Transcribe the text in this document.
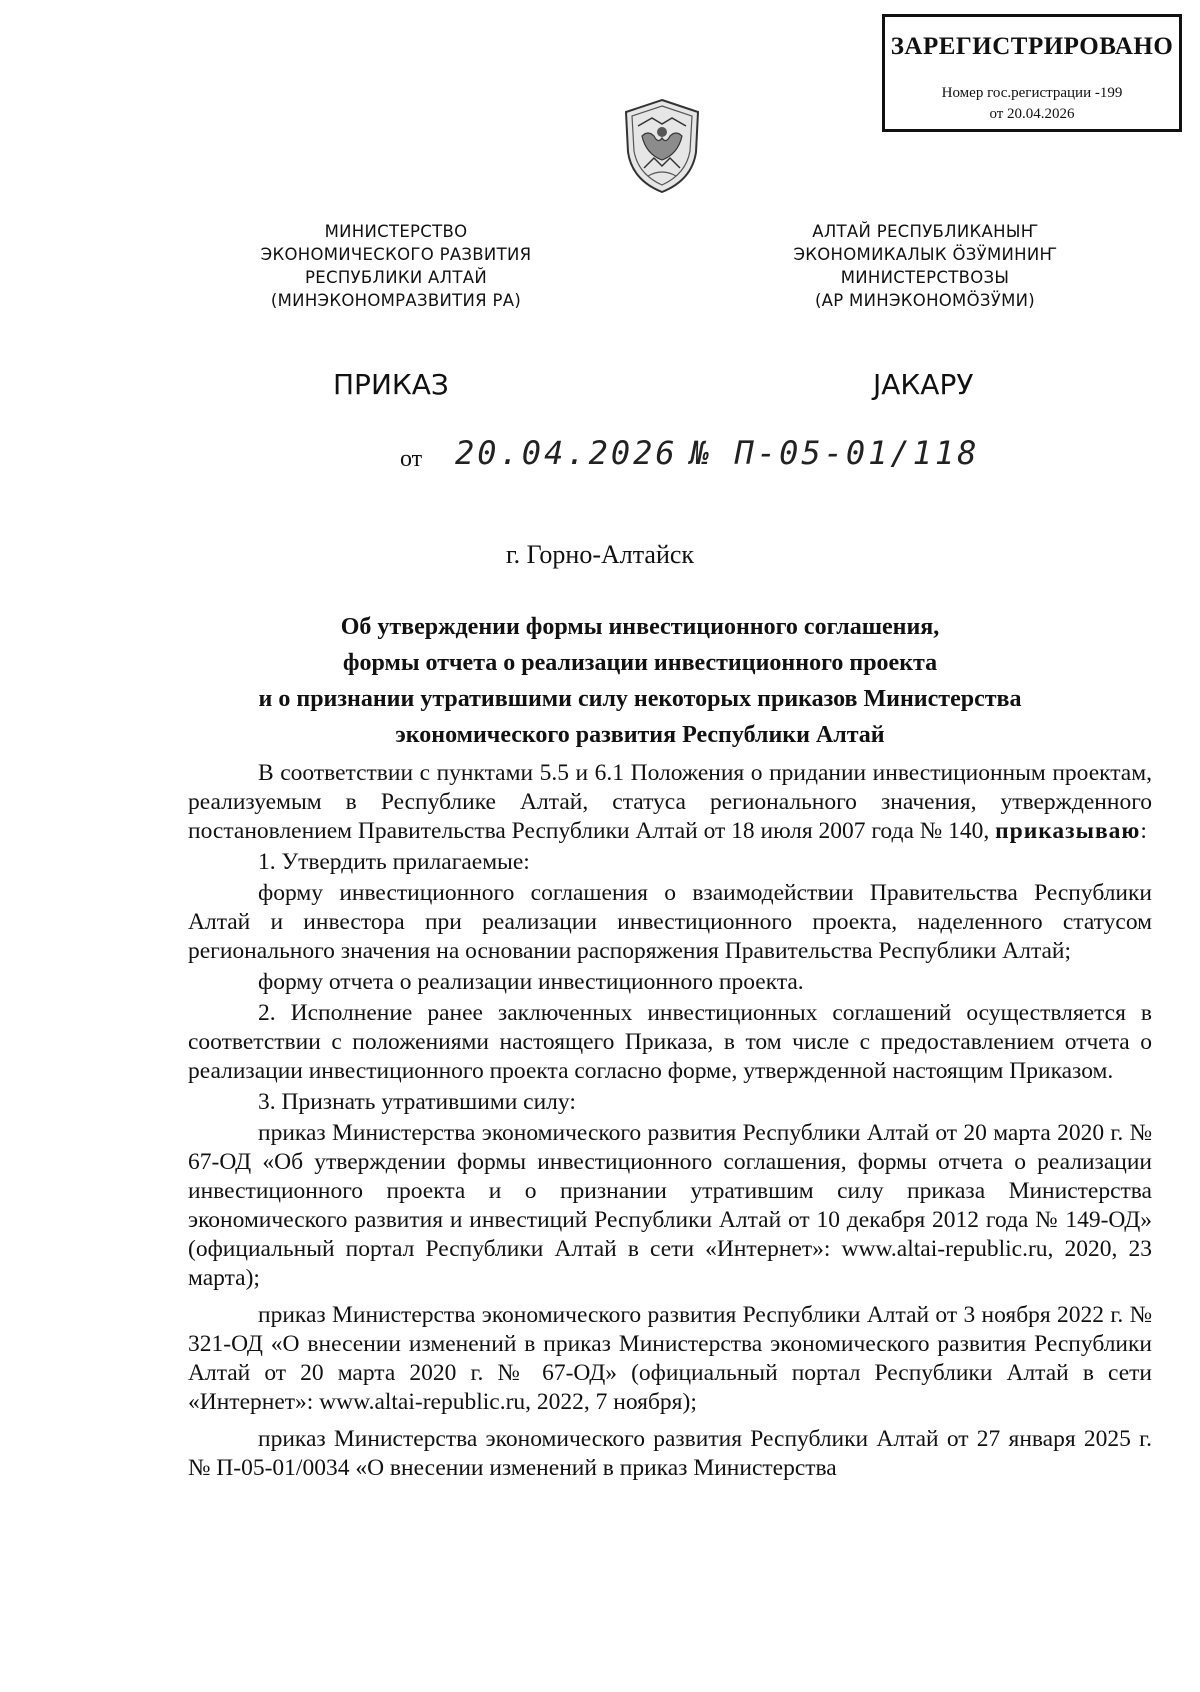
ЗАРЕГИСТРИРОВАНО
Номер гос.регистрации -199
от 20.04.2026
МИНИСТЕРСТВО
ЭКОНОМИЧЕСКОГО РАЗВИТИЯ
РЕСПУБЛИКИ АЛТАЙ
(МИНЭКОНОМРАЗВИТИЯ РА)
АЛТАЙ РЕСПУБЛИКАНЫҤ
ЭКОНОМИКАЛЫК ÖЗӰМИНИҤ
МИНИСТЕРСТВОЗЫ
(АР МИНЭКОНОМÖЗӰМИ)
ПРИКАЗ	JАКАРУ
от 20.04.2026 № П-05-01/118
г. Горно-Алтайск
Об утверждении формы инвестиционного соглашения,
формы отчета о реализации инвестиционного проекта
и о признании утратившими силу некоторых приказов Министерства
экономического развития Республики Алтай

В соответствии с пунктами 5.5 и 6.1 Положения о придании инвестиционным проектам, реализуемым в Республике Алтай, статуса регионального значения, утвержденного постановлением Правительства Республики Алтай от 18 июля 2007 года № 140, приказываю:

1. Утвердить прилагаемые:

форму инвестиционного соглашения о взаимодействии Правительства Республики Алтай и инвестора при реализации инвестиционного проекта, наделенного статусом регионального значения на основании распоряжения Правительства Республики Алтай;

форму отчета о реализации инвестиционного проекта.

2. Исполнение ранее заключенных инвестиционных соглашений осуществляется в соответствии с положениями настоящего Приказа, в том числе с предоставлением отчета о реализации инвестиционного проекта согласно форме, утвержденной настоящим Приказом.

3. Признать утратившими силу:

приказ Министерства экономического развития Республики Алтай от 20 марта 2020 г. № 67-ОД «Об утверждении формы инвестиционного соглашения, формы отчета о реализации инвестиционного проекта и о признании утратившим силу приказа Министерства экономического развития и инвестиций Республики Алтай от 10 декабря 2012 года № 149-ОД» (официальный портал Республики Алтай в сети «Интернет»: www.altai-republic.ru, 2020, 23 марта);

приказ Министерства экономического развития Республики Алтай от 3 ноября 2022 г. № 321-ОД «О внесении изменений в приказ Министерства экономического развития Республики Алтай от 20 марта 2020 г. № 67-ОД» (официальный портал Республики Алтай в сети «Интернет»: www.altai-republic.ru, 2022, 7 ноября);

приказ Министерства экономического развития Республики Алтай от 27 января 2025 г. № П-05-01/0034 «О внесении изменений в приказ Министерства
